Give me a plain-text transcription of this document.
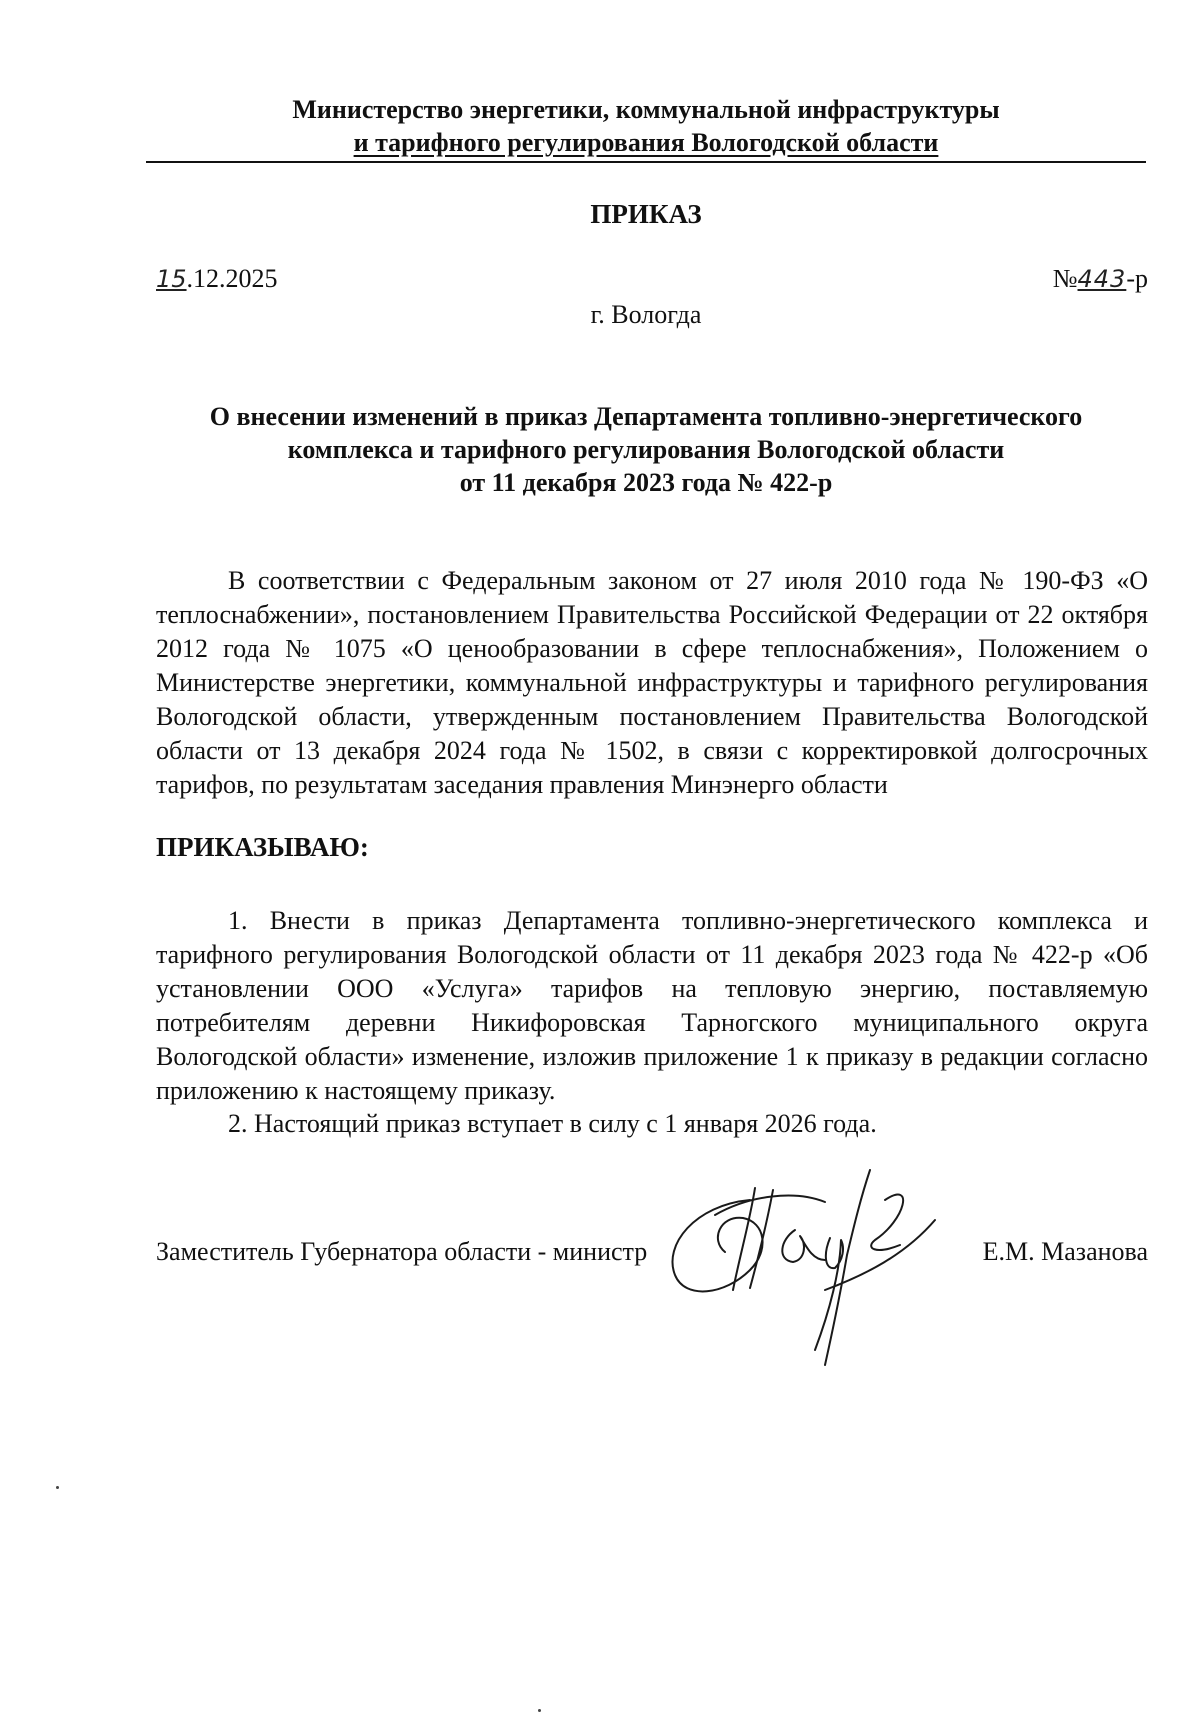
Министерство энергетики, коммунальной инфраструктуры
и тарифного регулирования Вологодской области
ПРИКАЗ
15.12.2025	№443-р
г. Вологда
О внесении изменений в приказ Департамента топливно-энергетического
комплекса и тарифного регулирования Вологодской области
от 11 декабря 2023 года № 422-р

В соответствии с Федеральным законом от 27 июля 2010 года № 190-ФЗ «О теплоснабжении», постановлением Правительства Российской Федерации от 22 октября 2012 года № 1075 «О ценообразовании в сфере теплоснабжения», Положением о Министерстве энергетики, коммунальной инфраструктуры и тарифного регулирования Вологодской области, утвержденным постановлением Правительства Вологодской области от 13 декабря 2024 года № 1502, в связи с корректировкой долгосрочных тарифов, по результатам заседания правления Минэнерго области

ПРИКАЗЫВАЮ:

1. Внести в приказ Департамента топливно-энергетического комплекса и тарифного регулирования Вологодской области от 11 декабря 2023 года № 422-р «Об установлении ООО «Услуга» тарифов на тепловую энергию, поставляемую потребителям деревни Никифоровская Тарногского муниципального округа Вологодской области» изменение, изложив приложение 1 к приказу в редакции согласно приложению к настоящему приказу.

2. Настоящий приказ вступает в силу с 1 января 2026 года.

Заместитель Губернатора области - министр	Е.М. Мазанова
